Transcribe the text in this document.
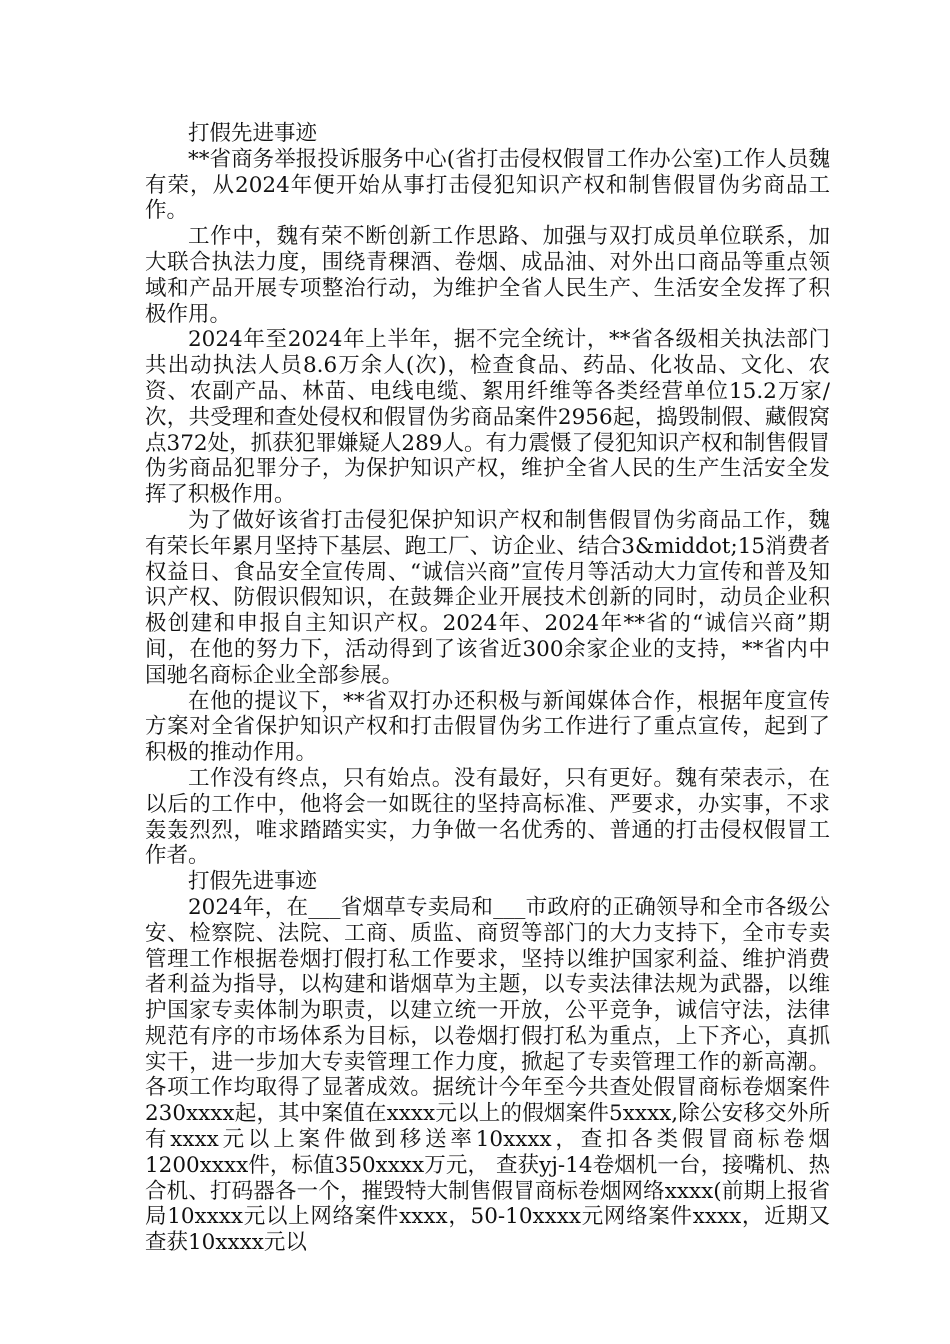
打假先进事迹

**省商务举报投诉服务中心(省打击侵权假冒工作办公室)工作人员魏有荣，从2024年便开始从事打击侵犯知识产权和制售假冒伪劣商品工作。

工作中，魏有荣不断创新工作思路、加强与双打成员单位联系，加大联合执法力度，围绕青稞酒、卷烟、成品油、对外出口商品等重点领域和产品开展专项整治行动，为维护全省人民生产、生活安全发挥了积极作用。

2024年至2024年上半年，据不完全统计，**省各级相关执法部门共出动执法人员8.6万余人(次)，检查食品、药品、化妆品、文化、农资、农副产品、林苗、电线电缆、絮用纤维等各类经营单位15.2万家/次，共受理和查处侵权和假冒伪劣商品案件2956起，捣毁制假、藏假窝点372处，抓获犯罪嫌疑人289人。有力震慑了侵犯知识产权和制售假冒伪劣商品犯罪分子，为保护知识产权，维护全省人民的生产生活安全发挥了积极作用。

为了做好该省打击侵犯保护知识产权和制售假冒伪劣商品工作，魏有荣长年累月坚持下基层、跑工厂、访企业、结合3&middot;15消费者权益日、食品安全宣传周、“诚信兴商”宣传月等活动大力宣传和普及知识产权、防假识假知识，在鼓舞企业开展技术创新的同时，动员企业积极创建和申报自主知识产权。2024年、2024年**省的“诚信兴商”期间，在他的努力下，活动得到了该省近300余家企业的支持，**省内中国驰名商标企业全部参展。

在他的提议下，**省双打办还积极与新闻媒体合作，根据年度宣传方案对全省保护知识产权和打击假冒伪劣工作进行了重点宣传，起到了积极的推动作用。

工作没有终点，只有始点。没有最好，只有更好。魏有荣表示，在以后的工作中，他将会一如既往的坚持高标准、严要求，办实事，不求轰轰烈烈，唯求踏踏实实，力争做一名优秀的、普通的打击侵权假冒工作者。

打假先进事迹

2024年，在___省烟草专卖局和___市政府的正确领导和全市各级公安、检察院、法院、工商、质监、商贸等部门的大力支持下，全市专卖管理工作根据卷烟打假打私工作要求，坚持以维护国家利益、维护消费者利益为指导，以构建和谐烟草为主题，以专卖法律法规为武器，以维护国家专卖体制为职责，以建立统一开放，公平竞争，诚信守法，法律规范有序的市场体系为目标，以卷烟打假打私为重点，上下齐心，真抓实干，进一步加大专卖管理工作力度，掀起了专卖管理工作的新高潮。各项工作均取得了显著成效。据统计今年至今共查处假冒商标卷烟案件230xxxx起，其中案值在xxxx元以上的假烟案件5xxxx,除公安移交外所有xxxx元以上案件做到移送率10xxxx，查扣各类假冒商标卷烟1200xxxx件，标值350xxxx万元， 查获yj-14卷烟机一台，接嘴机、热合机、打码器各一个，摧毁特大制售假冒商标卷烟网络xxxx(前期上报省局10xxxx元以上网络案件xxxx，50-10xxxx元网络案件xxxx，近期又查获10xxxx元以
